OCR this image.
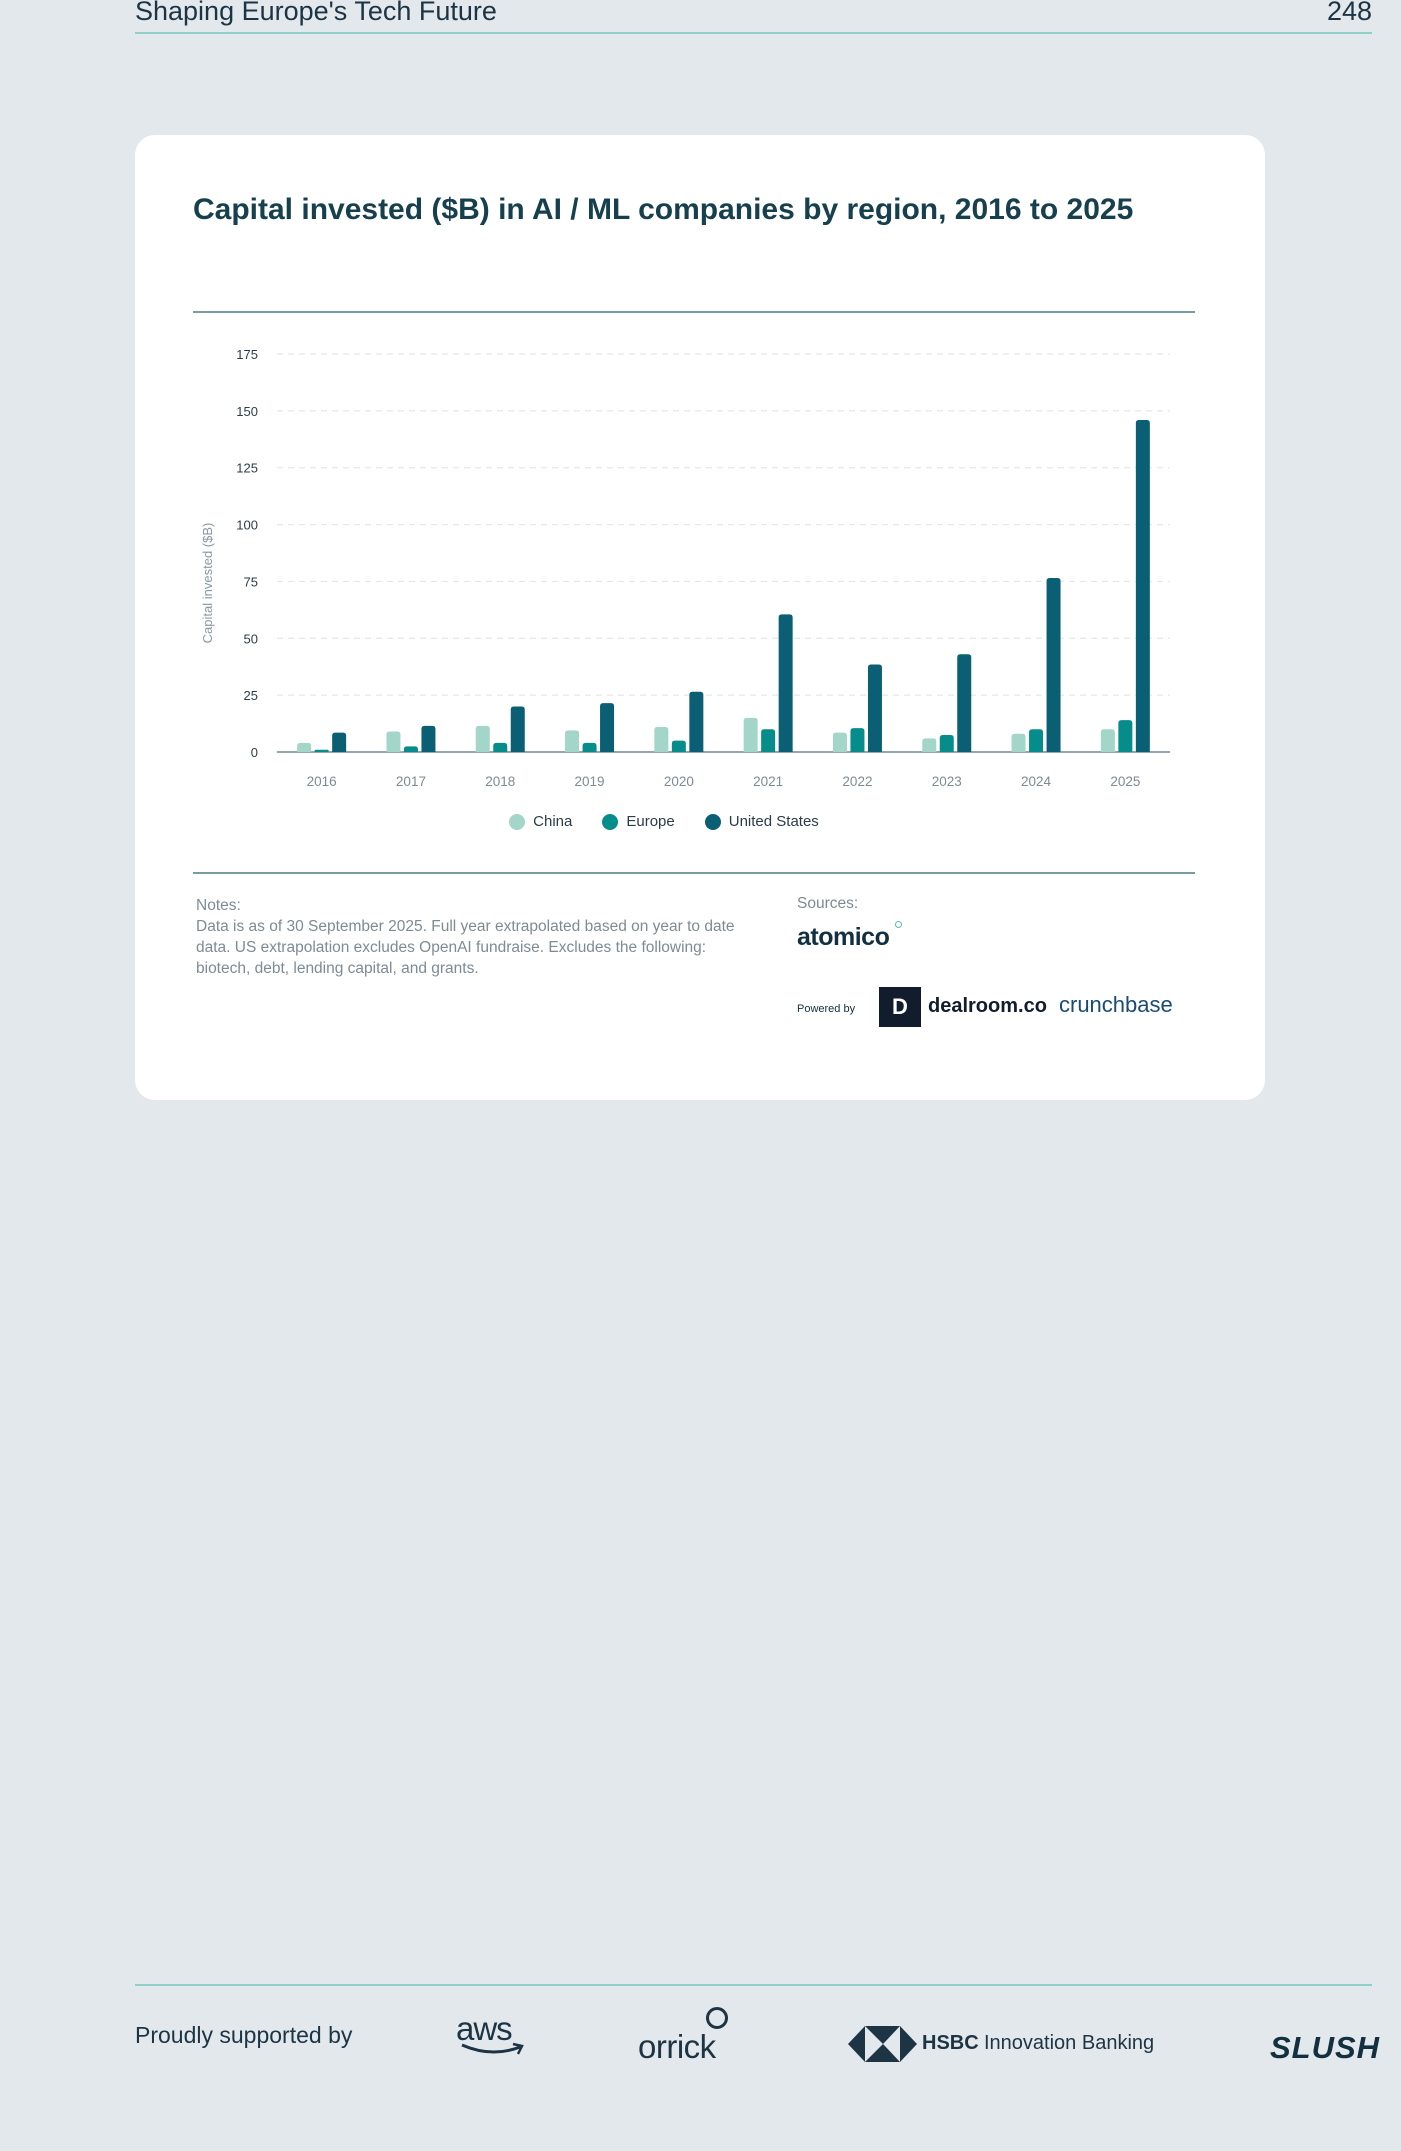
Shaping Europe's Tech Future	248
Capital invested ($B) in AI / ML companies by region, 2016 to 2025
0
25
50
75
100
125
150
175
Capital invested ($B)
2016	2017	2018	2019	2020	2021	2022	2023	2024	2025
China	Europe	United States
Notes:
Data is as of 30 September 2025. Full year extrapolated based on year to date data. US extrapolation excludes OpenAI fundraise. Excludes the following: biotech, debt, lending capital, and grants.
Sources:
atomico
Powered by	D	dealroom.co crunchbase
Proudly supported by	aws	orrick	HSBC Innovation Banking	SLUSH
